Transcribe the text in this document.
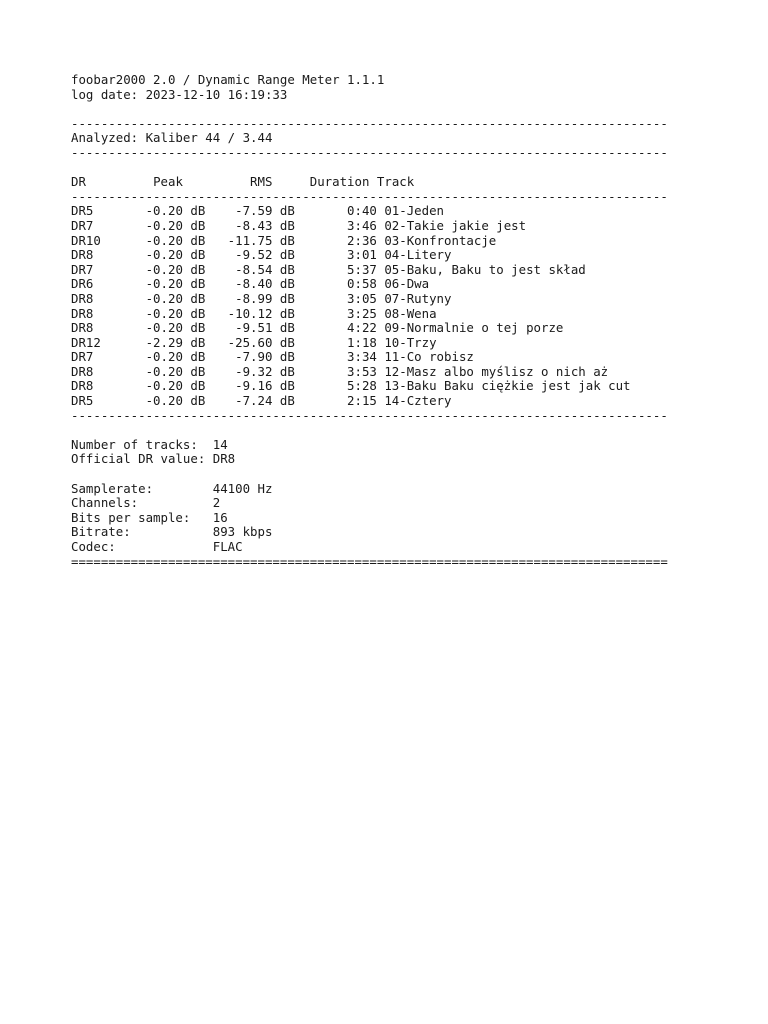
foobar2000 2.0 / Dynamic Range Meter 1.1.1
log date: 2023-12-10 16:19:33

--------------------------------------------------------------------------------
Analyzed: Kaliber 44 / 3.44
--------------------------------------------------------------------------------

DR	Peak	RMS	Duration Track
--------------------------------------------------------------------------------
DR5       -0.20 dB    -7.59 dB       0:40 01-Jeden
DR7       -0.20 dB    -8.43 dB       3:46 02-Takie jakie jest
DR10      -0.20 dB   -11.75 dB       2:36 03-Konfrontacje
DR8       -0.20 dB    -9.52 dB       3:01 04-Litery
DR7       -0.20 dB    -8.54 dB       5:37 05-Baku, Baku to jest skład
DR6       -0.20 dB    -8.40 dB       0:58 06-Dwa
DR8       -0.20 dB    -8.99 dB       3:05 07-Rutyny
DR8       -0.20 dB   -10.12 dB       3:25 08-Wena
DR8       -0.20 dB    -9.51 dB       4:22 09-Normalnie o tej porze
DR12      -2.29 dB   -25.60 dB       1:18 10-Trzy
DR7       -0.20 dB    -7.90 dB       3:34 11-Co robisz
DR8       -0.20 dB    -9.32 dB       3:53 12-Masz albo myślisz o nich aż
DR8       -0.20 dB    -9.16 dB       5:28 13-Baku Baku ciężkie jest jak cut
DR5       -0.20 dB    -7.24 dB       2:15 14-Cztery
--------------------------------------------------------------------------------

Number of tracks: 14
Official DR value: DR8

Samplerate:        44100 Hz
Channels:          2
Bits per sample:   16
Bitrate:           893 kbps
Codec:             FLAC
================================================================================
